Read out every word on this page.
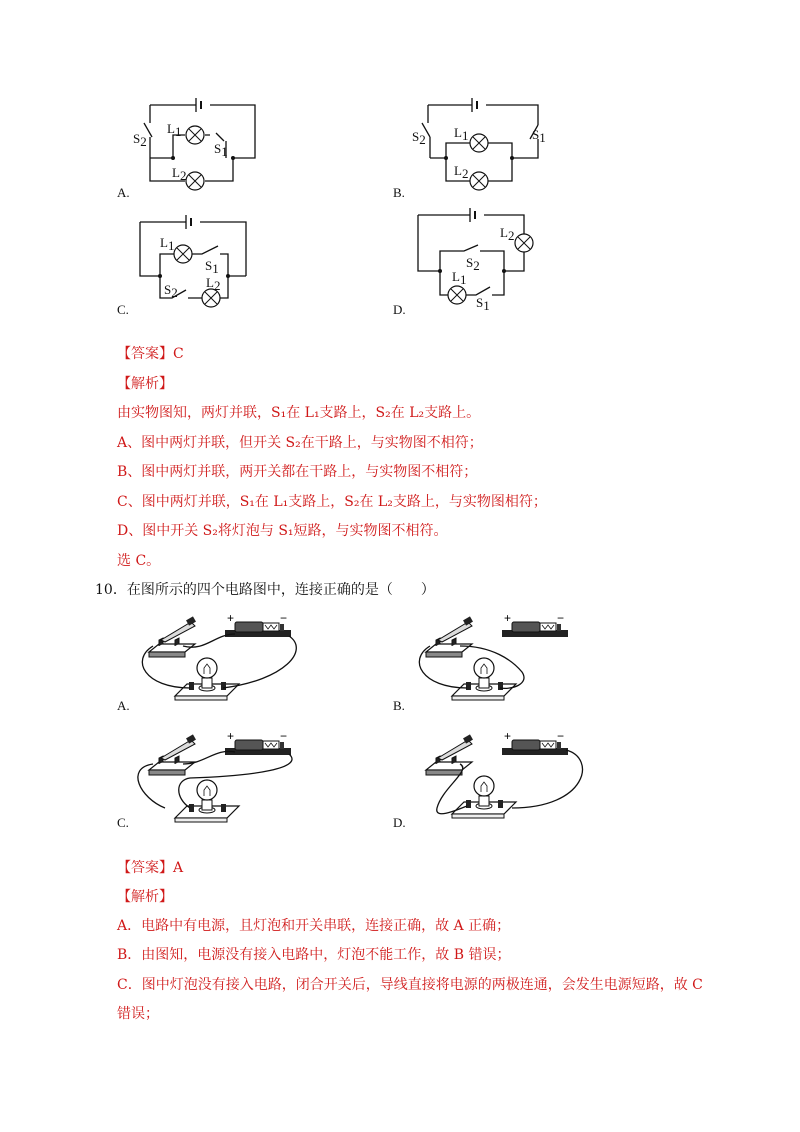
L1
S1
S2
L2
A.
L1	S1
S2
L2
B.
L1
S1
S2
L2
C.
L2
S2
L1
S1
D.
【答案】C
【解析】
由实物图知，两灯并联，S₁在 L₁支路上，S₂在 L₂支路上。
A、图中两灯并联，但开关 S₂在干路上，与实物图不相符；
B、图中两灯并联，两开关都在干路上，与实物图不相符；
C、图中两灯并联，S₁在 L₁支路上，S₂在 L₂支路上，与实物图相符；
D、图中开关 S₂将灯泡与 S₁短路，与实物图不相符。
选 C。
10．在图所示的四个电路图中，连接正确的是（　　）
+	−
A.
+	−
B.
+	−
C.
+	−
D.
【答案】A
【解析】
A．电路中有电源，且灯泡和开关串联，连接正确，故 A 正确；
B．由图知，电源没有接入电路中，灯泡不能工作，故 B 错误；
C．图中灯泡没有接入电路，闭合开关后，导线直接将电源的两极连通，会发生电源短路，故 C
错误；
